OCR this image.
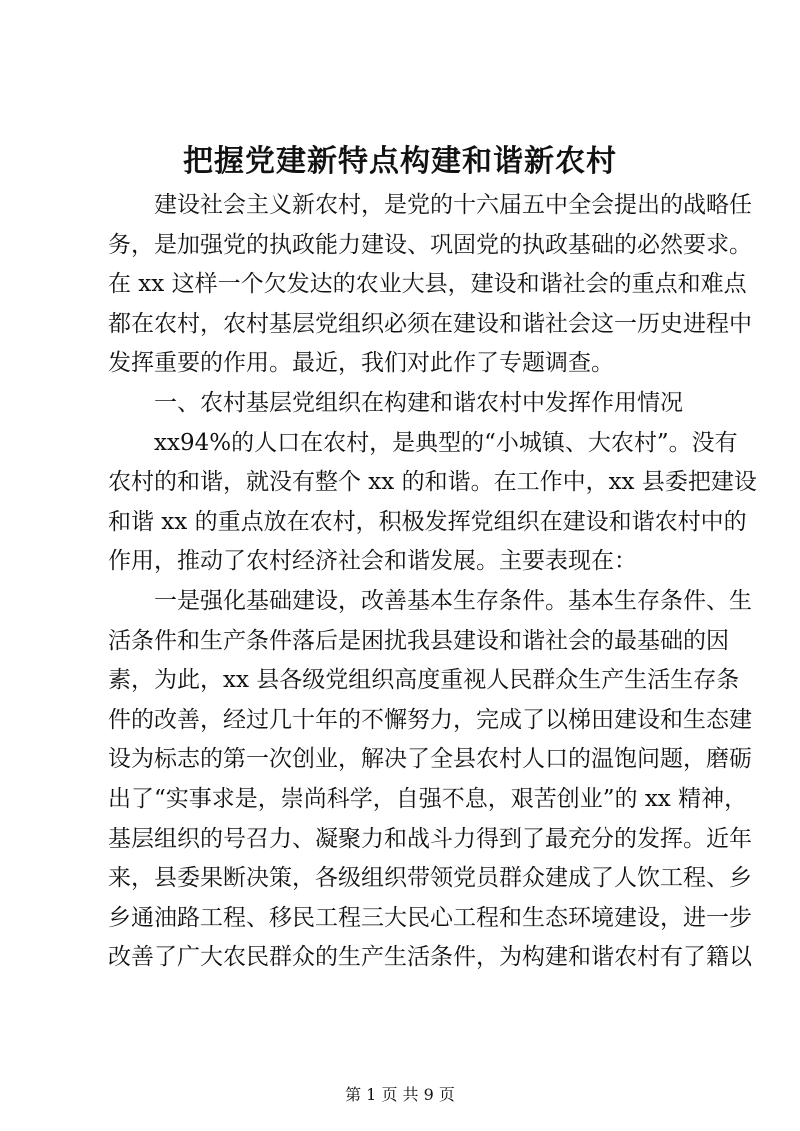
把握党建新特点构建和谐新农村
建设社会主义新农村，是党的十六届五中全会提出的战略任
务，是加强党的执政能力建设、巩固党的执政基础的必然要求。
在 xx 这样一个欠发达的农业大县，建设和谐社会的重点和难点
都在农村，农村基层党组织必须在建设和谐社会这一历史进程中
发挥重要的作用。最近，我们对此作了专题调查。
一、农村基层党组织在构建和谐农村中发挥作用情况
xx94%的人口在农村，是典型的“小城镇、大农村”。没有
农村的和谐，就没有整个 xx 的和谐。在工作中，xx 县委把建设
和谐 xx 的重点放在农村，积极发挥党组织在建设和谐农村中的
作用，推动了农村经济社会和谐发展。主要表现在：
一是强化基础建设，改善基本生存条件。基本生存条件、生
活条件和生产条件落后是困扰我县建设和谐社会的最基础的因
素，为此，xx 县各级党组织高度重视人民群众生产生活生存条
件的改善，经过几十年的不懈努力，完成了以梯田建设和生态建
设为标志的第一次创业，解决了全县农村人口的温饱问题，磨砺
出了“实事求是，崇尚科学，自强不息，艰苦创业”的 xx 精神，
基层组织的号召力、凝聚力和战斗力得到了最充分的发挥。近年
来，县委果断决策，各级组织带领党员群众建成了人饮工程、乡
乡通油路工程、移民工程三大民心工程和生态环境建设，进一步
改善了广大农民群众的生产生活条件，为构建和谐农村有了籍以
第 1 页 共 9 页
